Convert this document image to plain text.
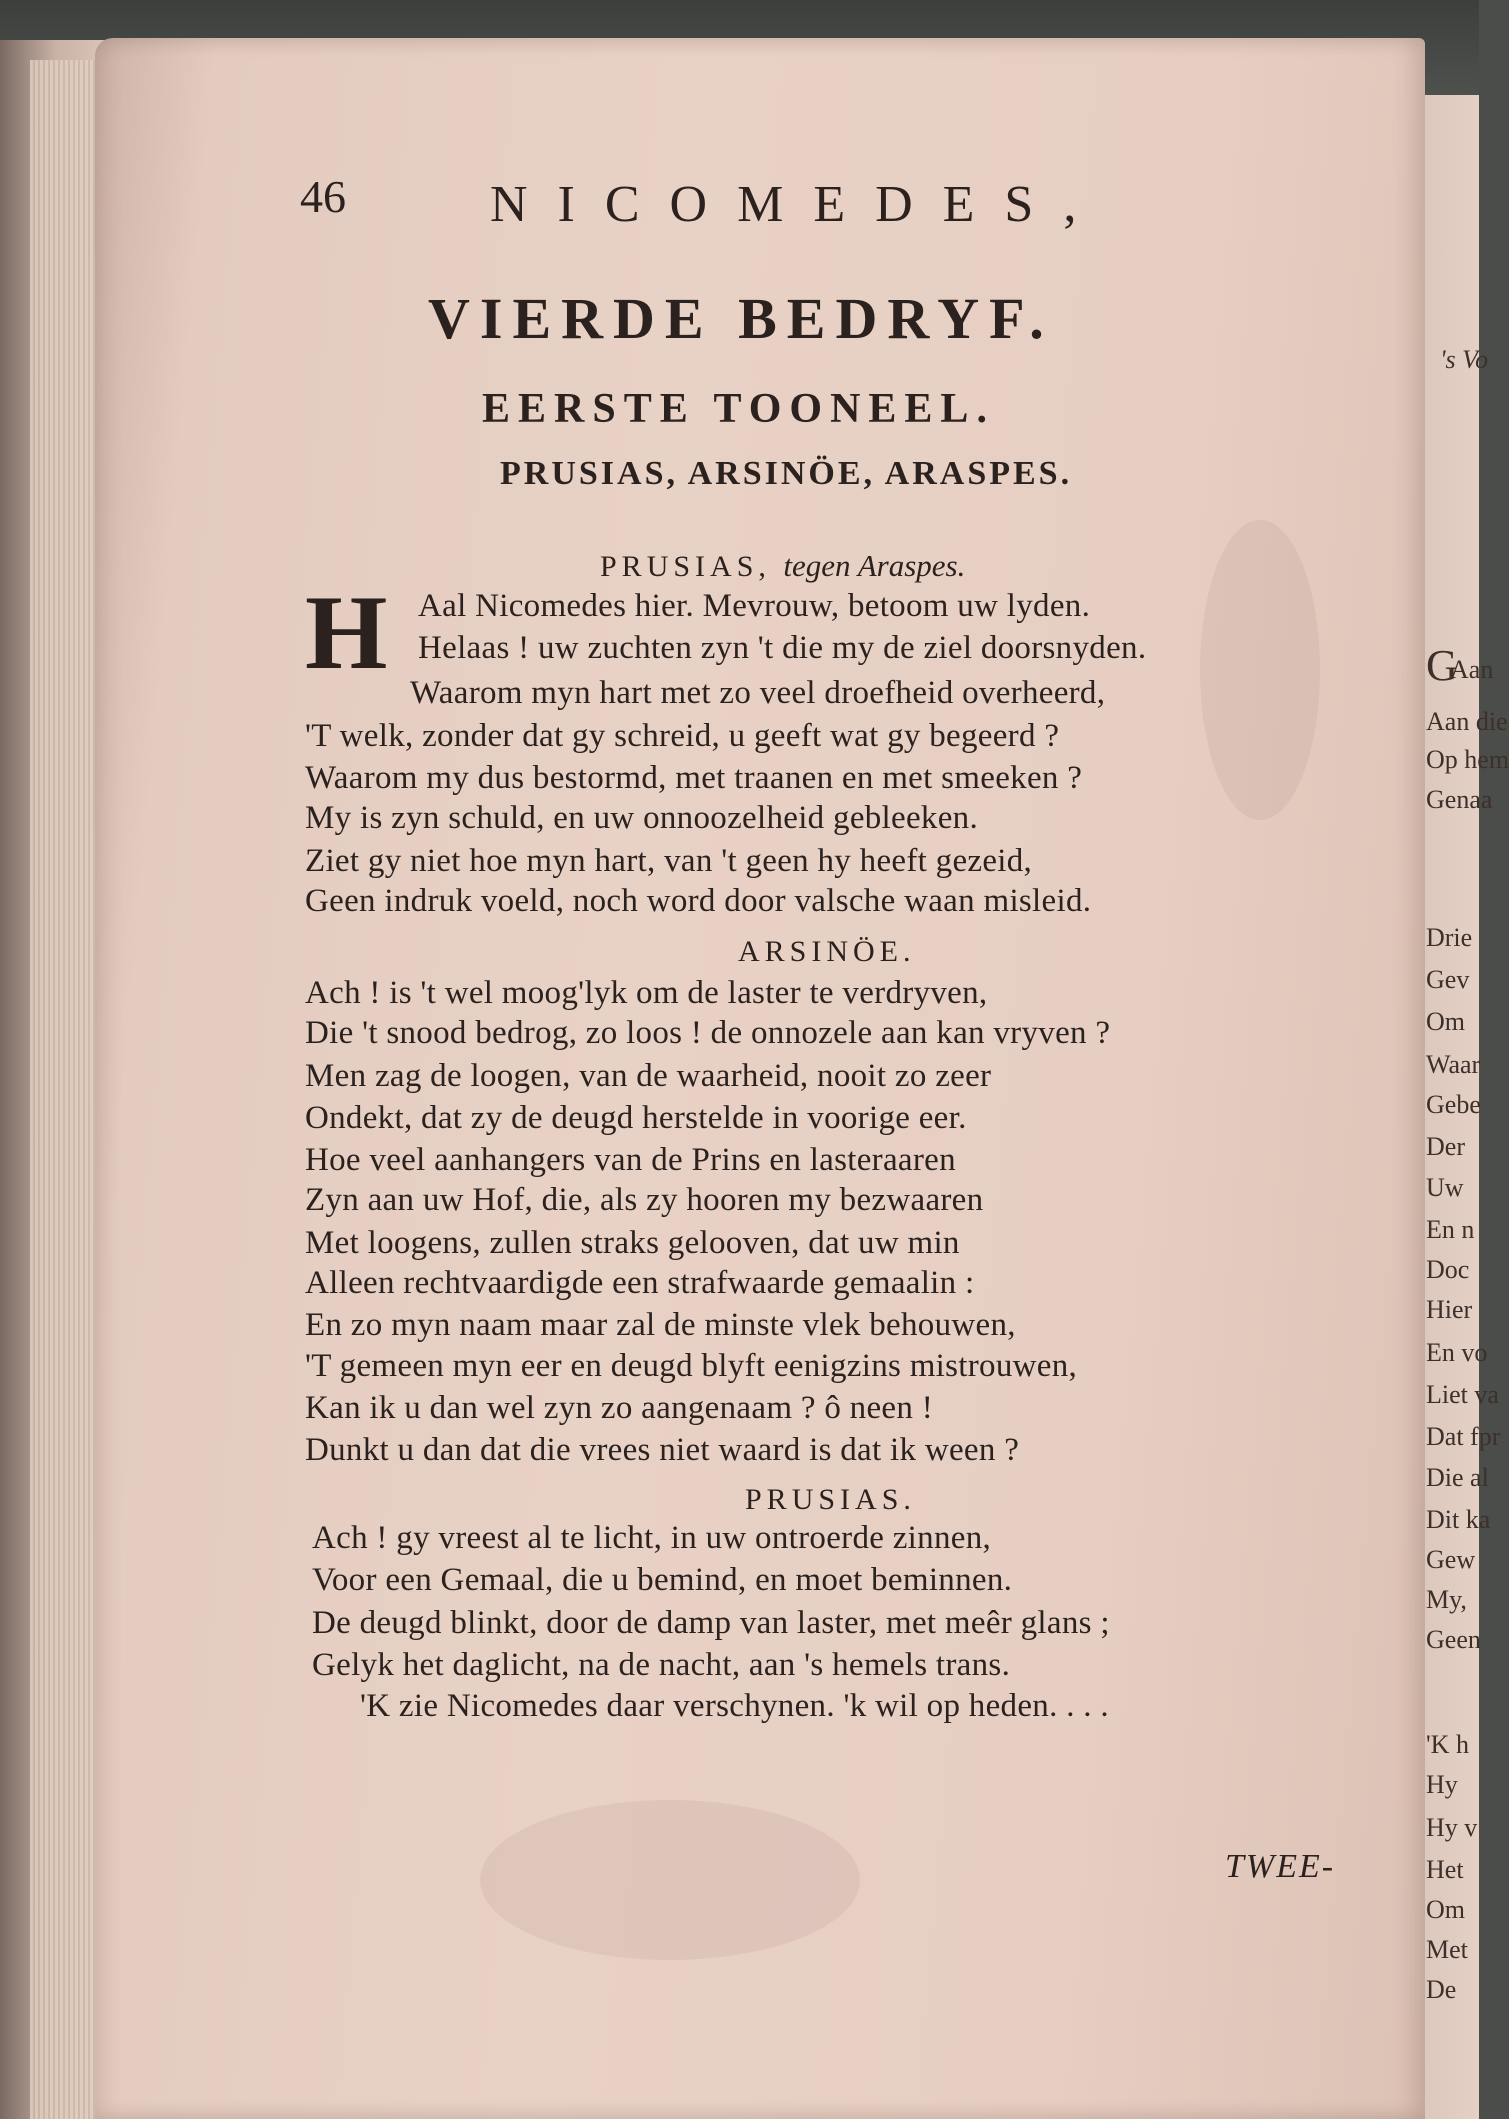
's Vo
G
Aan
Aan die
Op hem
Genaa
Drie
Gev
Om
Waar
Gebe
Der
Uw
En n
Doc
Hier
En vo
Liet va
Dat fpr
Die al
Dit ka
Gew
My,
Geen
'K h
Hy
Hy v
Het
Om
Met
De
46	NICOMEDES,
VIERDE BEDRYF.
EERSTE TOONEEL.
PRUSIAS, ARSINÖE, ARASPES.
PRUSIAS, tegen Araspes.
H Aal Nicomedes hier. Mevrouw, betoom uw lyden.
Helaas ! uw zuchten zyn 't die my de ziel doorsnyden.
Waarom myn hart met zo veel droefheid overheerd,
'T welk, zonder dat gy schreid, u geeft wat gy begeerd ?
Waarom my dus bestormd, met traanen en met smeeken ?
My is zyn schuld, en uw onnoozelheid gebleeken.
Ziet gy niet hoe myn hart, van 't geen hy heeft gezeid,
Geen indruk voeld, noch word door valsche waan misleid.
ARSINÖE.
Ach ! is 't wel moog'lyk om de laster te verdryven,
Die 't snood bedrog, zo loos ! de onnozele aan kan vryven ?
Men zag de loogen, van de waarheid, nooit zo zeer
Ondekt, dat zy de deugd herstelde in voorige eer.
Hoe veel aanhangers van de Prins en lasteraaren
Zyn aan uw Hof, die, als zy hooren my bezwaaren
Met loogens, zullen straks gelooven, dat uw min
Alleen rechtvaardigde een strafwaarde gemaalin :
En zo myn naam maar zal de minste vlek behouwen,
'T gemeen myn eer en deugd blyft eenigzins mistrouwen,
Kan ik u dan wel zyn zo aangenaam ? ô neen !
Dunkt u dan dat die vrees niet waard is dat ik ween ?
PRUSIAS.
Ach ! gy vreest al te licht, in uw ontroerde zinnen,
Voor een Gemaal, die u bemind, en moet beminnen.
De deugd blinkt, door de damp van laster, met meêr glans ;
Gelyk het daglicht, na de nacht, aan 's hemels trans.
'K zie Nicomedes daar verschynen. 'k wil op heden. . . .
TWEE-
